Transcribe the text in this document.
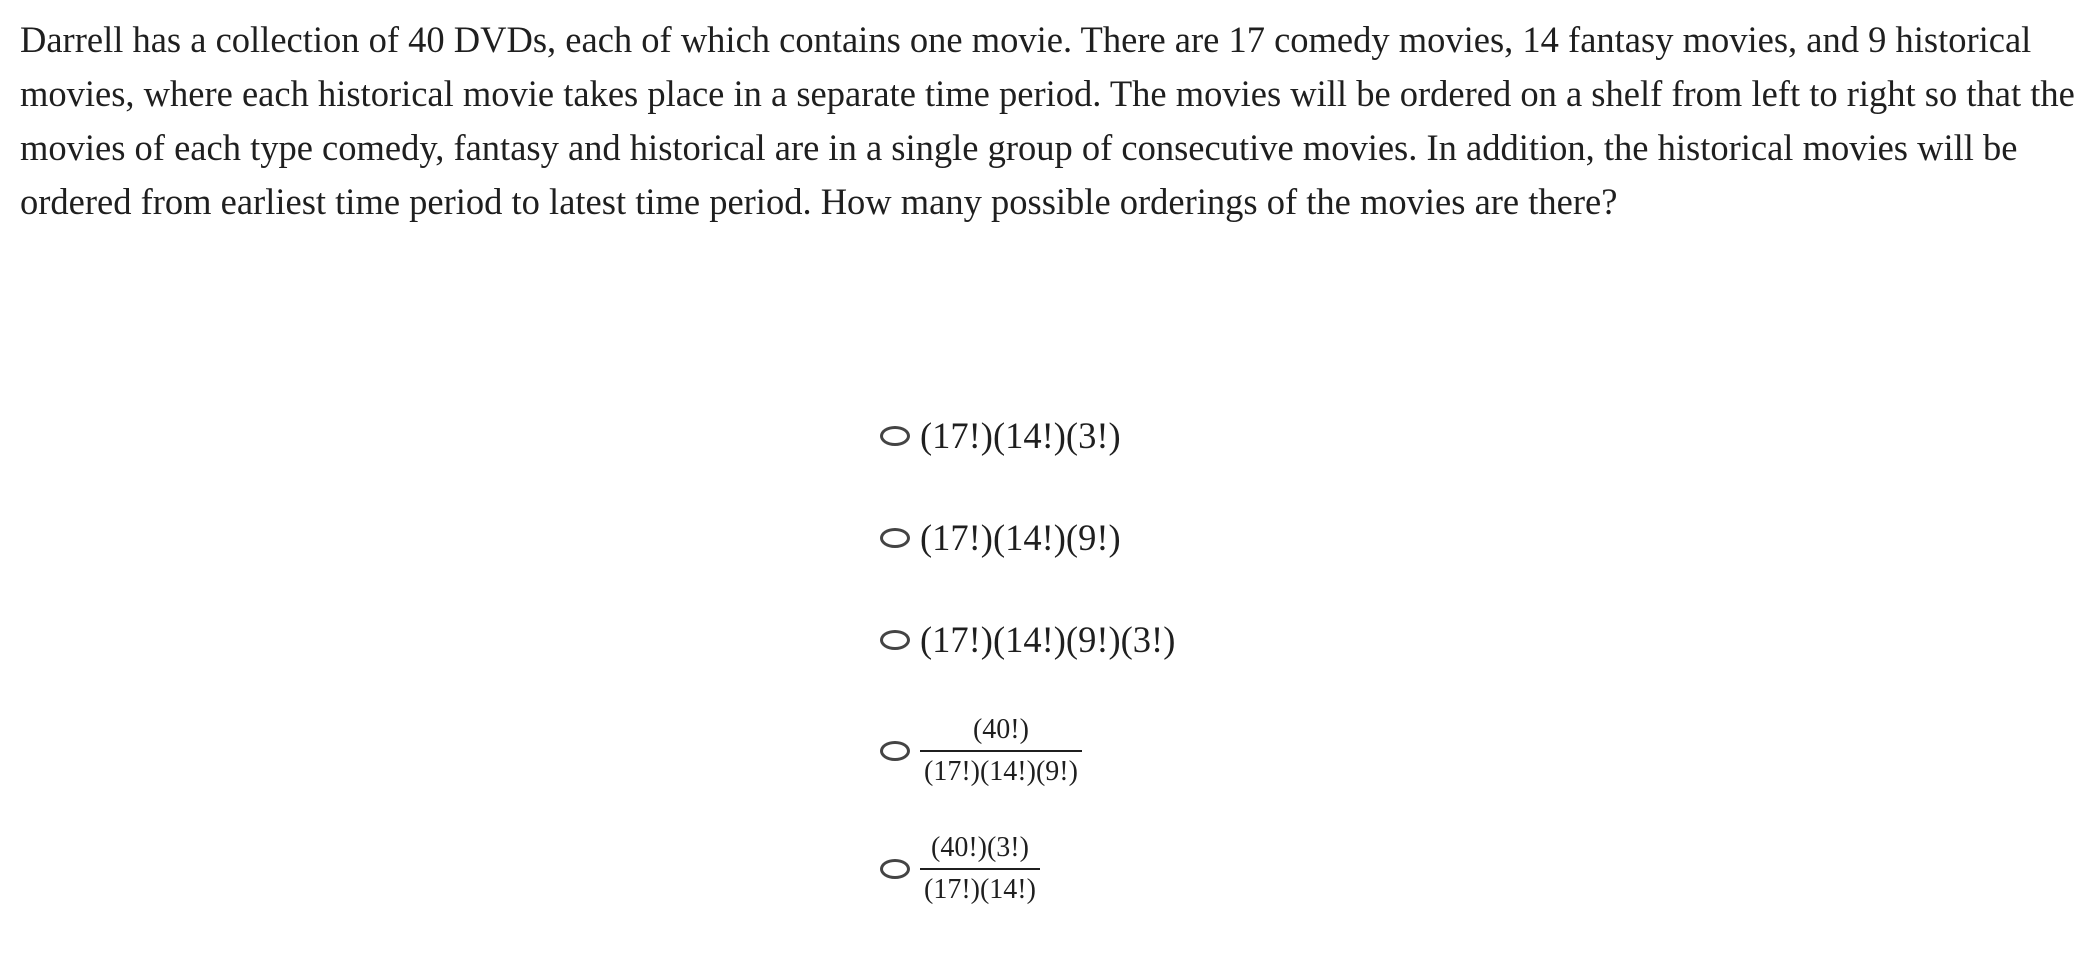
Darrell has a collection of 40 DVDs, each of which contains one movie. There are 17 comedy movies, 14 fantasy movies, and 9 historical movies, where each historical movie takes place in a separate time period. The movies will be ordered on a shelf from left to right so that the movies of each type comedy, fantasy and historical are in a single group of consecutive movies. In addition, the historical movies will be ordered from earliest time period to latest time period. How many possible orderings of the movies are there?

(17!)(14!)(3!)
(17!)(14!)(9!)
(17!)(14!)(9!)(3!)
$\frac{(40!)}{(17!)(14!)(9!)}$
$\frac{(40!)(3!)}{(17!)(14!)}$
